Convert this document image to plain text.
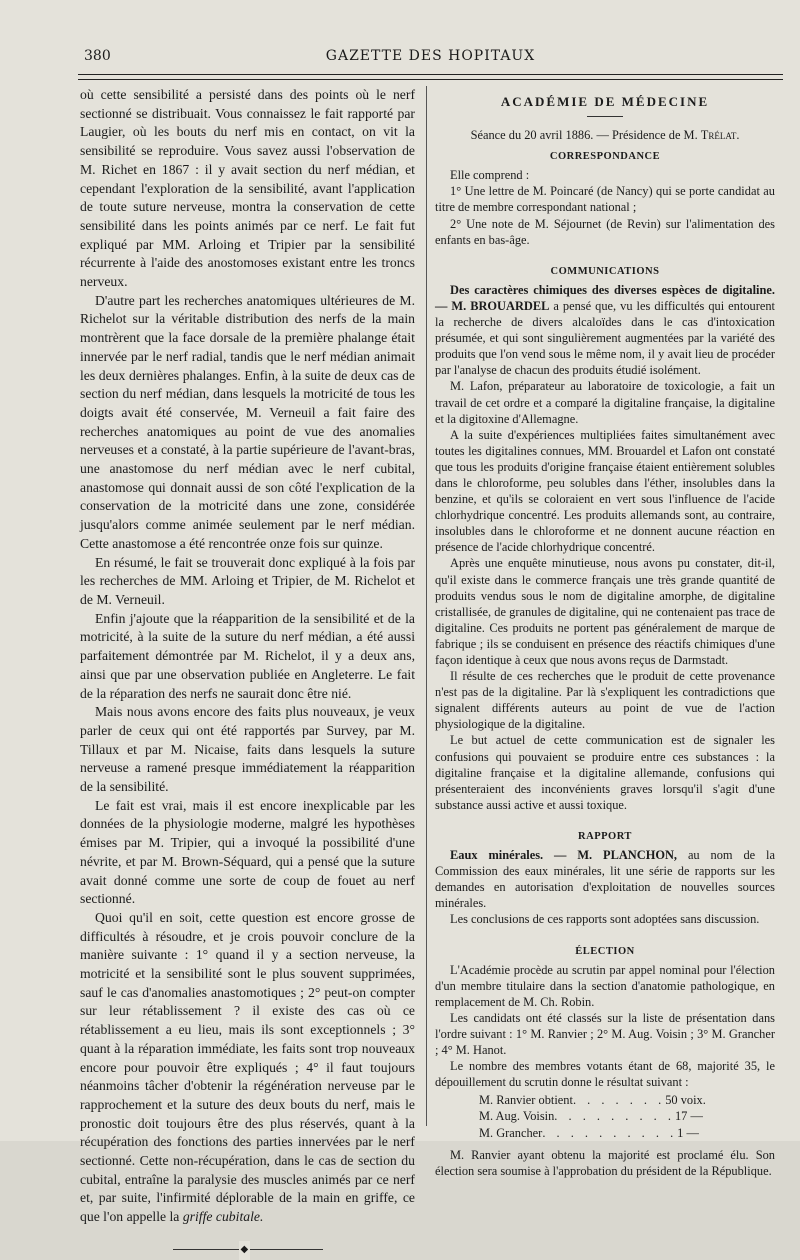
380	GAZETTE DES HOPITAUX

où cette sensibilité a persisté dans des points où le nerf sectionné se distribuait. Vous connaissez le fait rapporté par Laugier, où les bouts du nerf mis en contact, on vit la sensibilité se reproduire. Vous savez aussi l'observation de M. Richet en 1867 : il y avait section du nerf médian, et cependant l'exploration de la sensibilité, avant l'application de toute suture nerveuse, montra la conservation de cette sensibilité dans les points animés par ce nerf. Le fait fut expliqué par MM. Arloing et Tripier par la sensibilité récurrente à l'aide des anostomoses existant entre les troncs nerveux.

D'autre part les recherches anatomiques ultérieures de M. Richelot sur la véritable distribution des nerfs de la main montrèrent que la face dorsale de la première phalange était innervée par le nerf radial, tandis que le nerf médian animait les deux dernières phalanges. Enfin, à la suite de deux cas de section du nerf médian, dans lesquels la motricité de tous les doigts avait été conservée, M. Verneuil a fait faire des recherches anatomiques au point de vue des anomalies nerveuses et a constaté, à la partie supérieure de l'avant-bras, une anastomose du nerf médian avec le nerf cubital, anastomose qui donnait aussi de son côté l'explication de la conservation de la motricité dans une zone, considérée jusqu'alors comme animée seulement par le nerf médian. Cette anastomose a été rencontrée onze fois sur quinze.

En résumé, le fait se trouverait donc expliqué à la fois par les recherches de MM. Arloing et Tripier, de M. Richelot et de M. Verneuil.

Enfin j'ajoute que la réapparition de la sensibilité et de la motricité, à la suite de la suture du nerf médian, a été aussi parfaitement démontrée par M. Richelot, il y a deux ans, ainsi que par une observation publiée en Angleterre. Le fait de la réparation des nerfs ne saurait donc être nié.

Mais nous avons encore des faits plus nouveaux, je veux parler de ceux qui ont été rapportés par Survey, par M. Tillaux et par M. Nicaise, faits dans lesquels la suture nerveuse a ramené presque immédiatement la réapparition de la sensibilité.

Le fait est vrai, mais il est encore inexplicable par les données de la physiologie moderne, malgré les hypothèses émises par M. Tripier, qui a invoqué la possibilité d'une névrite, et par M. Brown-Séquard, qui a pensé que la suture avait donné comme une sorte de coup de fouet au nerf sectionné.

Quoi qu'il en soit, cette question est encore grosse de difficultés à résoudre, et je crois pouvoir conclure de la manière suivante : 1° quand il y a section nerveuse, la motricité et la sensibilité sont le plus souvent supprimées, sauf le cas d'anomalies anastomotiques ; 2° peut-on compter sur leur rétablissement ? il existe des cas où ce rétablissement a eu lieu, mais ils sont exceptionnels ; 3° quant à la réparation immédiate, les faits sont trop nouveaux encore pour pouvoir être expliqués ; 4° il faut toujours néanmoins tâcher d'obtenir la régénération nerveuse par le rapprochement et la suture des deux bouts du nerf, mais le pronostic doit toujours être des plus réservés, quant à la récupération des fonctions des parties innervées par le nerf sectionné. Cette non-récupération, dans le cas de section du cubital, entraîne la paralysie des muscles animés par ce nerf et, par suite, l'infirmité déplorable de la main en griffe, ce que l'on appelle la griffe cubitale.

◆
ACADÉMIE DE MÉDECINE
Séance du 20 avril 1886. — Présidence de M. Trélat.
CORRESPONDANCE

Elle comprend :

1° Une lettre de M. Poincaré (de Nancy) qui se porte candidat au titre de membre correspondant national ;

2° Une note de M. Séjournet (de Revin) sur l'alimentation des enfants en bas-âge.

COMMUNICATIONS

Des caractères chimiques des diverses espèces de digitaline. — M. BROUARDEL a pensé que, vu les difficultés qui entourent la recherche de divers alcaloïdes dans le cas d'intoxication présumée, et qui sont singulièrement augmentées par la variété des produits que l'on vend sous le même nom, il y avait lieu de procéder par l'analyse de chacun des produits étudié isolément.

M. Lafon, préparateur au laboratoire de toxicologie, a fait un travail de cet ordre et a comparé la digitaline française, la digitaline et la digitoxine d'Allemagne.

A la suite d'expériences multipliées faites simultanément avec toutes les digitalines connues, MM. Brouardel et Lafon ont constaté que tous les produits d'origine française étaient entièrement solubles dans le chloroforme, peu solubles dans l'éther, insolubles dans la benzine, et qu'ils se coloraient en vert sous l'influence de l'acide chlorhydrique concentré. Les produits allemands sont, au contraire, insolubles dans le chloroforme et ne donnent aucune réaction en présence de l'acide chlorhydrique concentré.

Après une enquête minutieuse, nous avons pu constater, dit-il, qu'il existe dans le commerce français une très grande quantité de produits vendus sous le nom de digitaline amorphe, de digitaline cristallisée, de granules de digitaline, qui ne contenaient pas trace de digitaline. Ces produits ne portent pas généralement de marque de fabrique ; ils se conduisent en présence des réactifs chimiques d'une façon identique à ceux que nous avons reçus de Darmstadt.

Il résulte de ces recherches que le produit de cette provenance n'est pas de la digitaline. Par là s'expliquent les contradictions que signalent différents auteurs au point de vue de l'action physiologique de la digitaline.

Le but actuel de cette communication est de signaler les confusions qui pouvaient se produire entre ces substances : la digitaline française et la digitaline allemande, confusions qui présenteraient des inconvénients graves lorsqu'il s'agit d'une substance aussi active et aussi toxique.

RAPPORT

Eaux minérales. — M. PLANCHON, au nom de la Commission des eaux minérales, lit une série de rapports sur les demandes en autorisation d'exploitation de nouvelles sources minérales.

Les conclusions de ces rapports sont adoptées sans discussion.

ÉLECTION

L'Académie procède au scrutin par appel nominal pour l'élection d'un membre titulaire dans la section d'anatomie pathologique, en remplacement de M. Ch. Robin.

Les candidats ont été classés sur la liste de présentation dans l'ordre suivant : 1° M. Ranvier ; 2° M. Aug. Voisin ; 3° M. Grancher ; 4° M. Hanot.

Le nombre des membres votants étant de 68, majorité 35, le dépouillement du scrutin donne le résultat suivant :

M. Ranvier obtient . . . . . . . 50 voix.
M. Aug. Voisin . . . . . . . . . 17 —
M. Grancher . . . . . . . . . . 1 —

M. Ranvier ayant obtenu la majorité est proclamé élu. Son élection sera soumise à l'approbation du président de la République.
